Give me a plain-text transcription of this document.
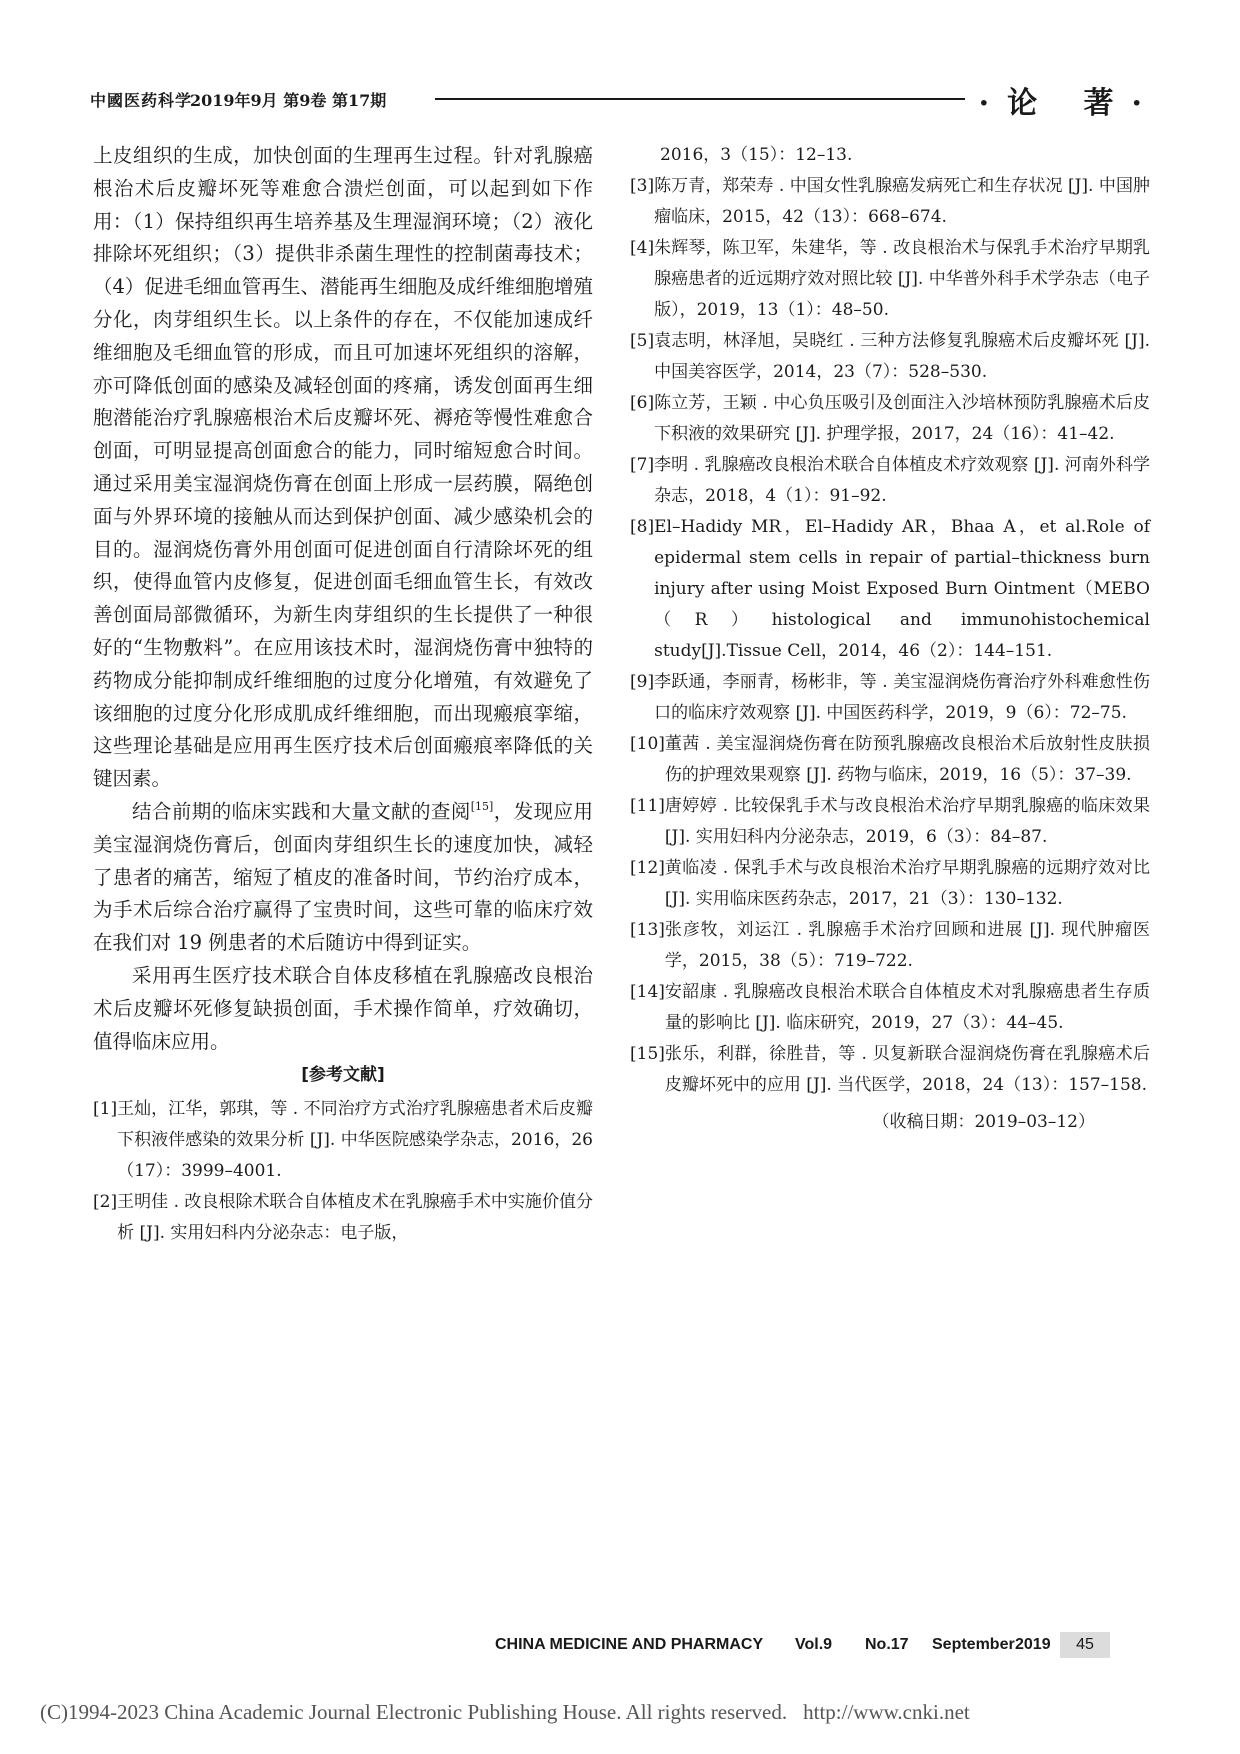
中國医药科学
2019年9月 第9卷 第17期	·论 著·

上皮组织的生成，加快创面的生理再生过程。针对乳腺癌根治术后皮瓣坏死等难愈合溃烂创面，可以起到如下作用：（1）保持组织再生培养基及生理湿润环境；（2）液化排除坏死组织；（3）提供非杀菌生理性的控制菌毒技术；（4）促进毛细血管再生、潜能再生细胞及成纤维细胞增殖分化，肉芽组织生长。以上条件的存在，不仅能加速成纤维细胞及毛细血管的形成，而且可加速坏死组织的溶解，亦可降低创面的感染及减轻创面的疼痛，诱发创面再生细胞潜能治疗乳腺癌根治术后皮瓣坏死、褥疮等慢性难愈合创面，可明显提高创面愈合的能力，同时缩短愈合时间。通过采用美宝湿润烧伤膏在创面上形成一层药膜，隔绝创面与外界环境的接触从而达到保护创面、减少感染机会的目的。湿润烧伤膏外用创面可促进创面自行清除坏死的组织，使得血管内皮修复，促进创面毛细血管生长，有效改善创面局部微循环，为新生肉芽组织的生长提供了一种很好的“生物敷料”。在应用该技术时，湿润烧伤膏中独特的药物成分能抑制成纤维细胞的过度分化增殖，有效避免了该细胞的过度分化形成肌成纤维细胞，而出现瘢痕挛缩，这些理论基础是应用再生医疗技术后创面瘢痕率降低的关键因素。

结合前期的临床实践和大量文献的查阅[15]，发现应用美宝湿润烧伤膏后，创面肉芽组织生长的速度加快，减轻了患者的痛苦，缩短了植皮的准备时间，节约治疗成本，为手术后综合治疗赢得了宝贵时间，这些可靠的临床疗效在我们对 19 例患者的术后随访中得到证实。

采用再生医疗技术联合自体皮移植在乳腺癌改良根治术后皮瓣坏死修复缺损创面，手术操作简单，疗效确切，值得临床应用。

[参考文献]
[1] 王灿，江华，郭琪，等 . 不同治疗方式治疗乳腺癌患者术后皮瓣下积液伴感染的效果分析 [J]. 中华医院感染学杂志，2016，26（17）：3999–4001.
[2] 王明佳 . 改良根除术联合自体植皮术在乳腺癌手术中实施价值分析 [J]. 实用妇科内分泌杂志：电子版，
2016，3（15）：12–13.
[3] 陈万青，郑荣寿 . 中国女性乳腺癌发病死亡和生存状况 [J]. 中国肿瘤临床，2015，42（13）：668–674.
[4] 朱辉琴，陈卫军，朱建华，等 . 改良根治术与保乳手术治疗早期乳腺癌患者的近远期疗效对照比较 [J]. 中华普外科手术学杂志（电子版），2019，13（1）：48–50.
[5] 袁志明，林泽旭，吴晓红 . 三种方法修复乳腺癌术后皮瓣坏死 [J]. 中国美容医学，2014，23（7）：528–530.
[6] 陈立芳，王颖 . 中心负压吸引及创面注入沙培林预防乳腺癌术后皮下积液的效果研究 [J]. 护理学报，2017，24（16）：41–42.
[7] 李明 . 乳腺癌改良根治术联合自体植皮术疗效观察 [J]. 河南外科学杂志，2018，4（1）：91–92.
[8] El–Hadidy MR，El–Hadidy AR，Bhaa A，et al.Role of epidermal stem cells in repair of partial–thickness burn injury after using Moist Exposed Burn Ointment（MEBO（R）histological and immunohistochemical study[J].Tissue Cell，2014，46（2）：144–151.
[9] 李跃通，李丽青，杨彬非，等 . 美宝湿润烧伤膏治疗外科难愈性伤口的临床疗效观察 [J]. 中国医药科学，2019，9（6）：72–75.
[10] 董茜 . 美宝湿润烧伤膏在防预乳腺癌改良根治术后放射性皮肤损伤的护理效果观察 [J]. 药物与临床，2019，16（5）：37–39.
[11] 唐婷婷 . 比较保乳手术与改良根治术治疗早期乳腺癌的临床效果 [J]. 实用妇科内分泌杂志，2019，6（3）：84–87.
[12] 黄临凌 . 保乳手术与改良根治术治疗早期乳腺癌的远期疗效对比 [J]. 实用临床医药杂志，2017，21（3）：130–132.
[13] 张彦牧，刘运江 . 乳腺癌手术治疗回顾和进展 [J]. 现代肿瘤医学，2015，38（5）：719–722.
[14] 安韶康 . 乳腺癌改良根治术联合自体植皮术对乳腺癌患者生存质量的影响比 [J]. 临床研究，2019，27（3）：44–45.
[15] 张乐，利群，徐胜昔，等 . 贝复新联合湿润烧伤膏在乳腺癌术后皮瓣坏死中的应用 [J]. 当代医学，2018，24（13）：157–158.
（收稿日期：2019–03–12）
CHINA MEDICINE AND PHARMACY Vol.9 No.17 September 2019	45
(C)1994-2023 China Academic Journal Electronic Publishing House. All rights reserved. http://www.cnki.net
